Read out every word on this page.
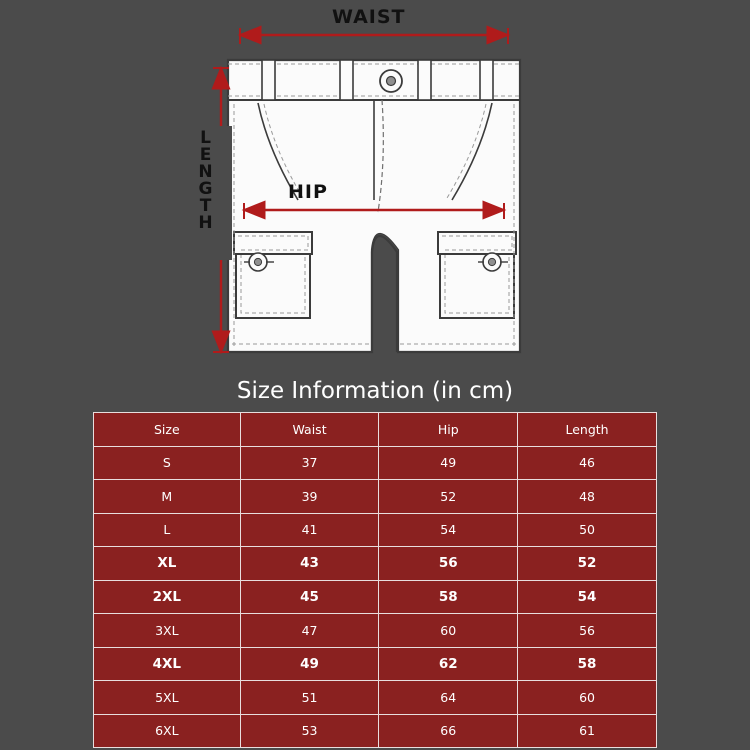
WAIST
HIP
L
E
N
G
T
H
Size Information (in cm)
Size	Waist	Hip	Length
S	37	49	46
M	39	52	48
L	41	54	50
XL	43	56	52
2XL	45	58	54
3XL	47	60	56
4XL	49	62	58
5XL	51	64	60
6XL	53	66	61
